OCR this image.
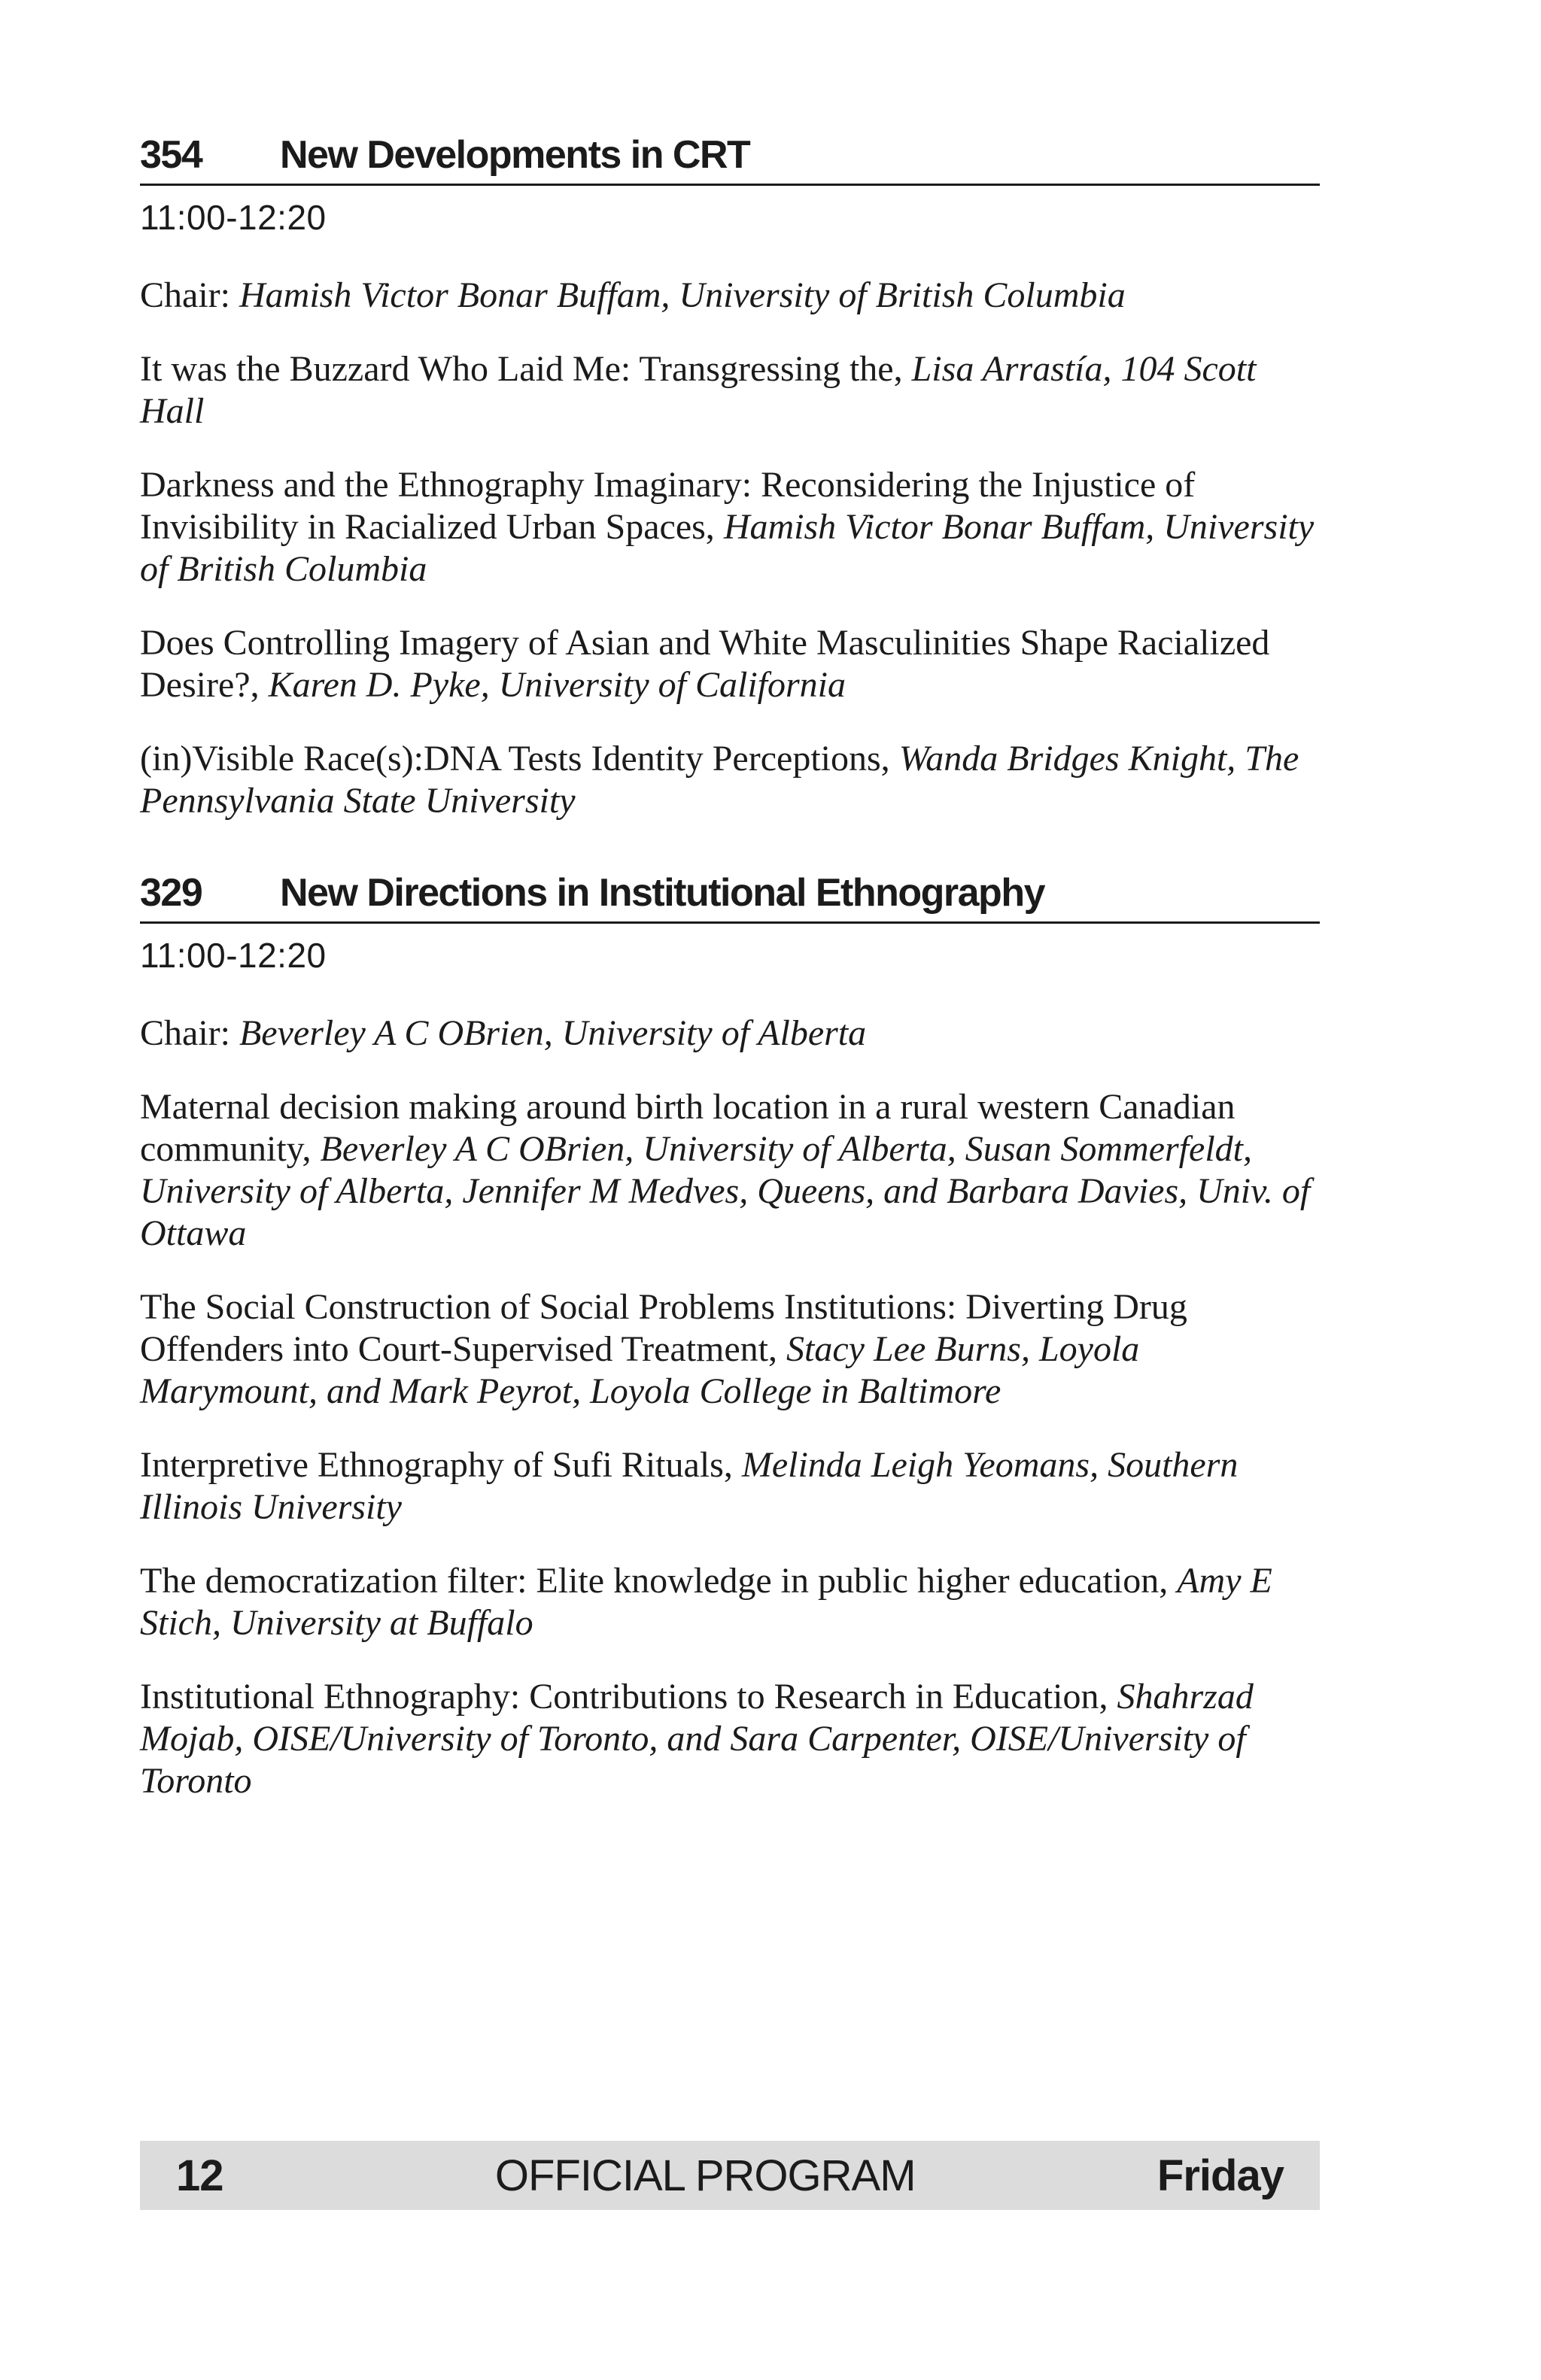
354	New Developments in CRT
11:00-12:20
Chair: Hamish Victor Bonar Buffam, University of British Columbia
It was the Buzzard Who Laid Me: Transgressing the, Lisa Arrastía, 104 Scott Hall
Darkness and the Ethnography Imaginary: Reconsidering the Injustice of Invisibility in Racialized Urban Spaces, Hamish Victor Bonar Buffam, University of British Columbia
Does Controlling Imagery of Asian and White Masculinities Shape Racialized Desire?, Karen D. Pyke, University of California
(in)Visible Race(s):DNA Tests Identity Perceptions, Wanda Bridges Knight, The Pennsylvania State University
329	New Directions in Institutional Ethnography
11:00-12:20
Chair: Beverley A C OBrien, University of Alberta
Maternal decision making around birth location in a rural western Canadian community, Beverley A C OBrien, University of Alberta, Susan Sommerfeldt, University of Alberta, Jennifer M Medves, Queens, and Barbara Davies, Univ. of Ottawa
The Social Construction of Social Problems Institutions: Diverting Drug Offenders into Court-Supervised Treatment, Stacy Lee Burns, Loyola Marymount, and Mark Peyrot, Loyola College in Baltimore
Interpretive Ethnography of Sufi Rituals, Melinda Leigh Yeomans, Southern Illinois University
The democratization filter: Elite knowledge in public higher education, Amy E Stich, University at Buffalo
Institutional Ethnography: Contributions to Research in Education, Shahrzad Mojab, OISE/University of Toronto, and Sara Carpenter, OISE/University of Toronto
12	OFFICIAL PROGRAM	Friday
